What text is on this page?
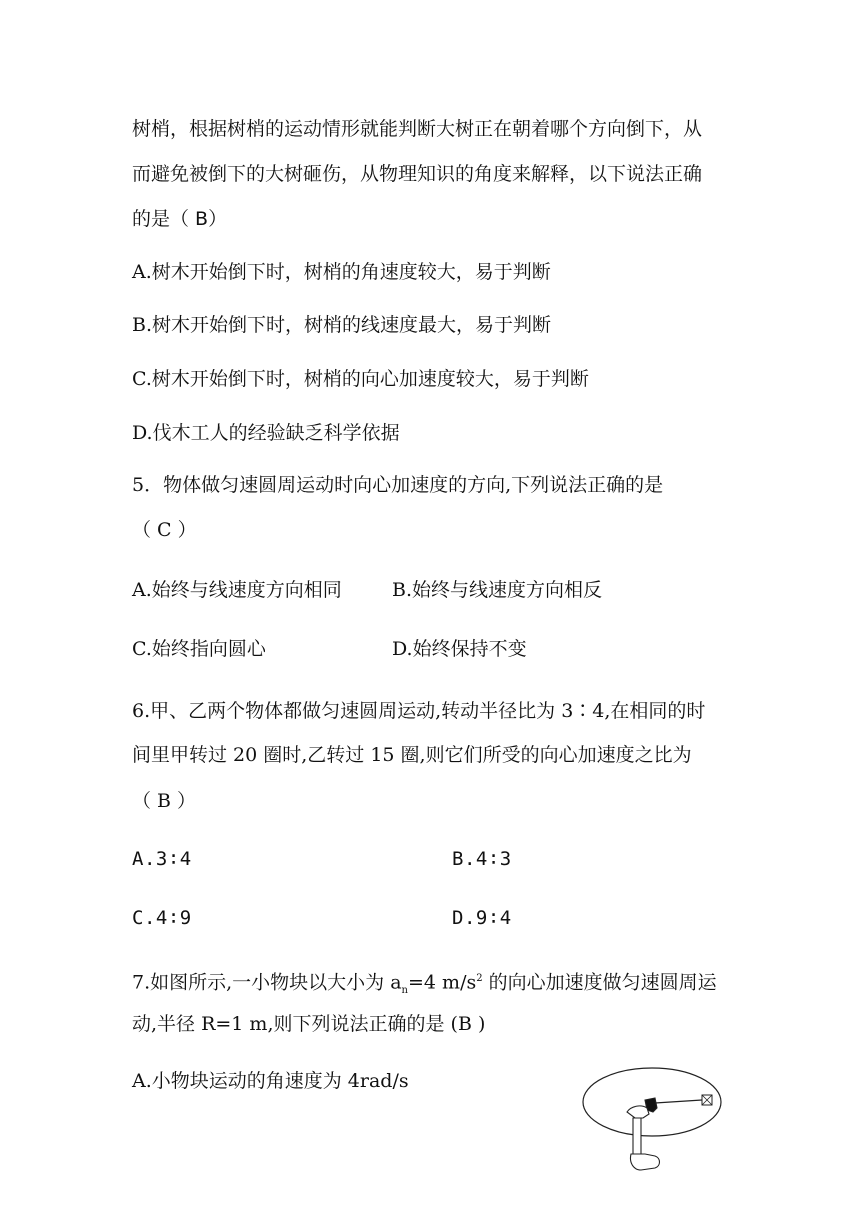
树梢，根据树梢的运动情形就能判断大树正在朝着哪个方向倒下，从
而避免被倒下的大树砸伤，从物理知识的角度来解释，以下说法正确
的是（ B）
A.树木开始倒下时，树梢的角速度较大，易于判断
B.树木开始倒下时，树梢的线速度最大，易于判断
C.树木开始倒下时，树梢的向心加速度较大，易于判断
D.伐木工人的经验缺乏科学依据
5．物体做匀速圆周运动时向心加速度的方向,下列说法正确的是
（ C ）
A.始终与线速度方向相同	B.始终与线速度方向相反
C.始终指向圆心	D.始终保持不变
6.甲、乙两个物体都做匀速圆周运动,转动半径比为 3∶4,在相同的时
间里甲转过 20 圈时,乙转过 15 圈,则它们所受的向心加速度之比为
（ B ）
A.3∶4	B.4∶3
C.4∶9	D.9∶4
7.如图所示,一小物块以大小为 $a_n=4$ $m/s^2$ 的向心加速度做匀速圆周运
动,半径 R=1 m,则下列说法正确的是 (B )
A.小物块运动的角速度为 4rad/s
